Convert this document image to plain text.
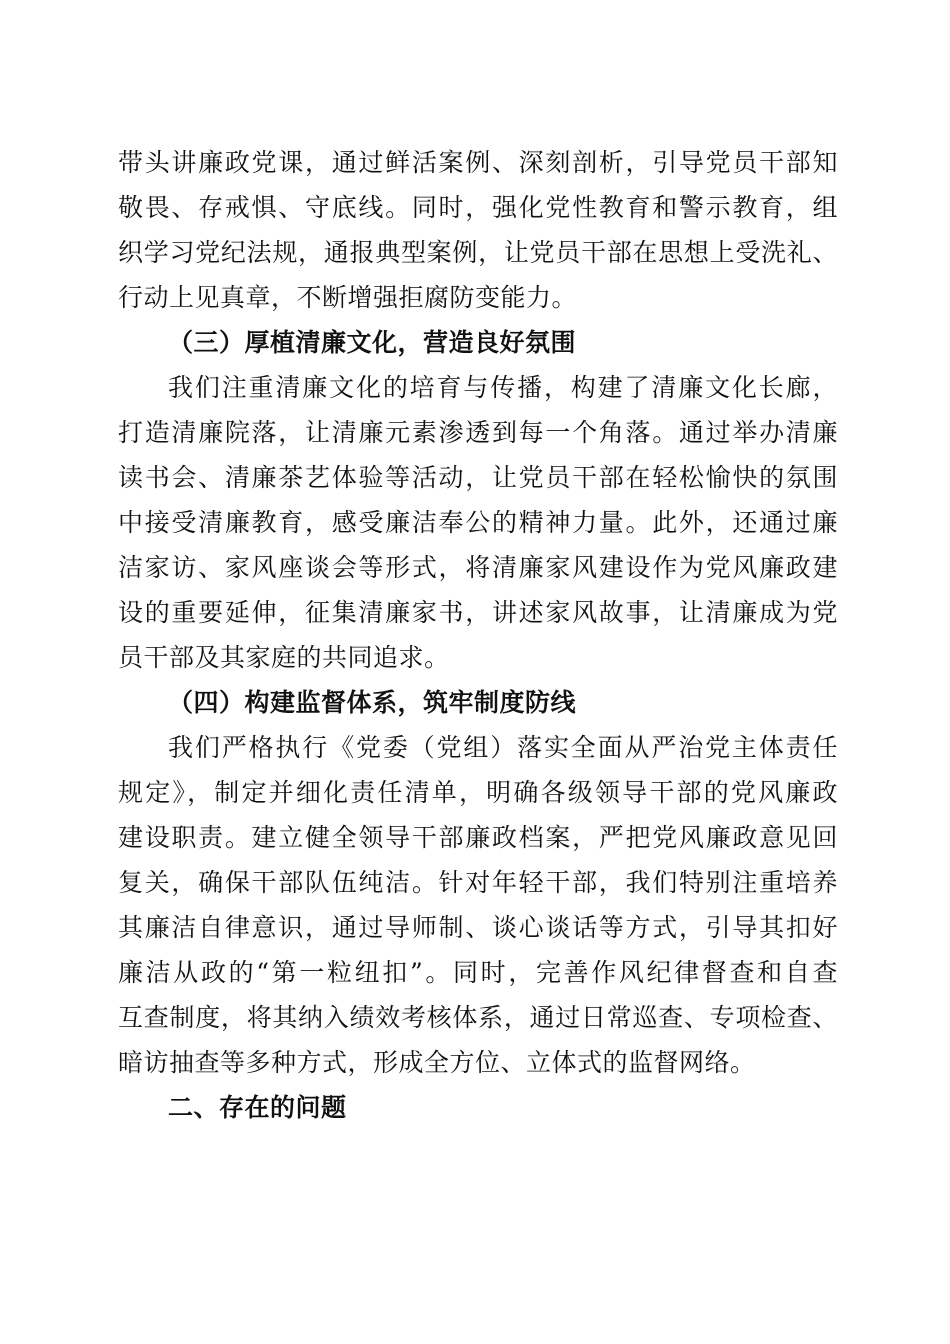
带头讲廉政党课，通过鲜活案例、深刻剖析，引导党员干部知
敬畏、存戒惧、守底线。同时，强化党性教育和警示教育，组
织学习党纪法规，通报典型案例，让党员干部在思想上受洗礼、
行动上见真章，不断增强拒腐防变能力。
（三）厚植清廉文化，营造良好氛围
我们注重清廉文化的培育与传播，构建了清廉文化长廊，
打造清廉院落，让清廉元素渗透到每一个角落。通过举办清廉
读书会、清廉茶艺体验等活动，让党员干部在轻松愉快的氛围
中接受清廉教育，感受廉洁奉公的精神力量。此外，还通过廉
洁家访、家风座谈会等形式，将清廉家风建设作为党风廉政建
设的重要延伸，征集清廉家书，讲述家风故事，让清廉成为党
员干部及其家庭的共同追求。
（四）构建监督体系，筑牢制度防线
我们严格执行《党委（党组）落实全面从严治党主体责任
规定》，制定并细化责任清单，明确各级领导干部的党风廉政
建设职责。建立健全领导干部廉政档案，严把党风廉政意见回
复关，确保干部队伍纯洁。针对年轻干部，我们特别注重培养
其廉洁自律意识，通过导师制、谈心谈话等方式，引导其扣好
廉洁从政的“第一粒纽扣”。同时，完善作风纪律督查和自查
互查制度，将其纳入绩效考核体系，通过日常巡查、专项检查、
暗访抽查等多种方式，形成全方位、立体式的监督网络。
二、存在的问题
